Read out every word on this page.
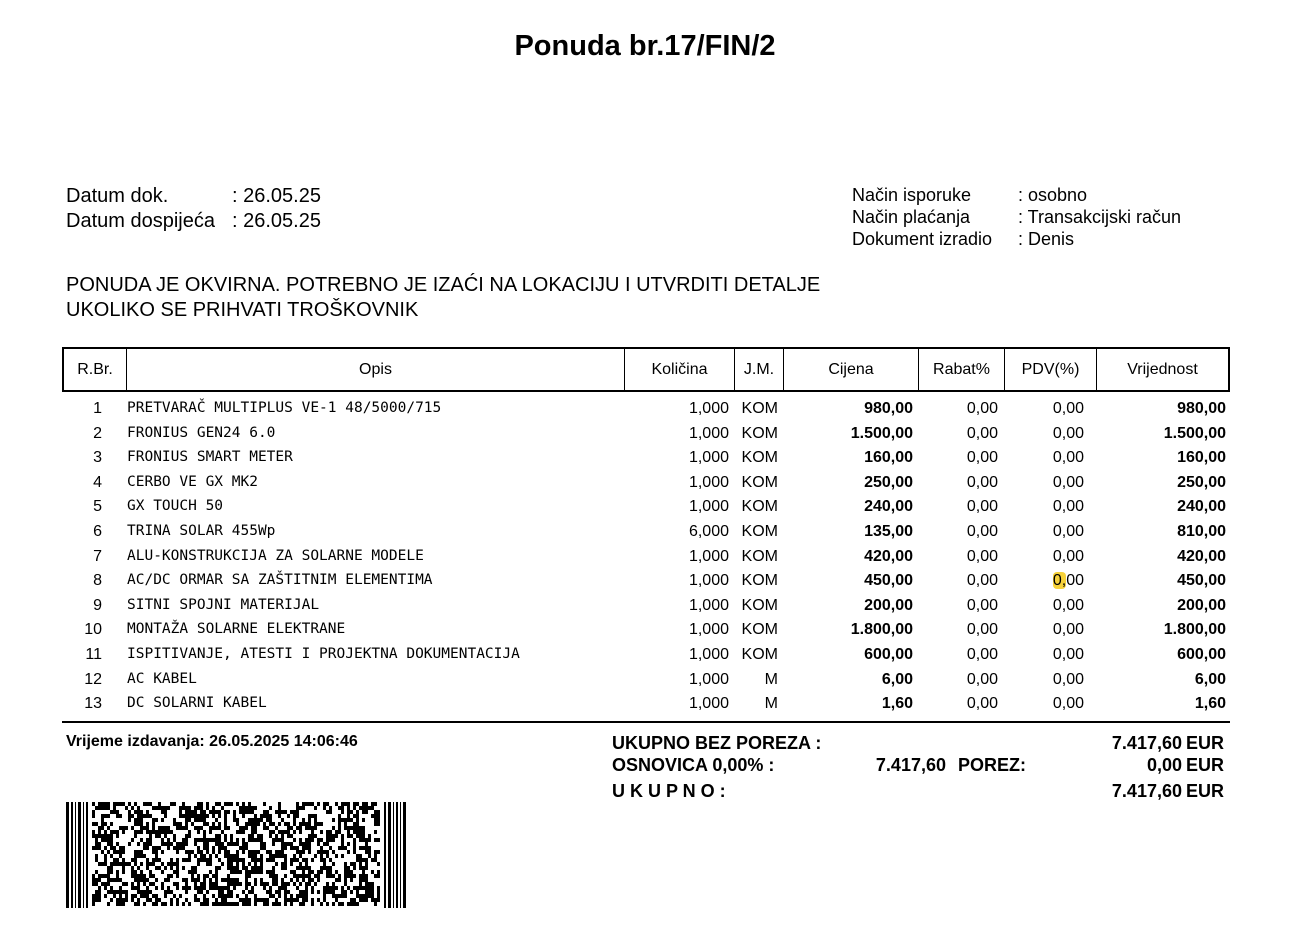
Ponuda br.17/FIN/2
Datum dok.	: 26.05.25
Datum dospijeća : 26.05.25
Način isporuke	: osobno
Način plaćanja	: Transakcijski račun
Dokument izradio	: Denis
PONUDA JE OKVIRNA. POTREBNO JE IZAĆI NA LOKACIJU I UTVRDITI DETALJE
UKOLIKO SE PRIHVATI TROŠKOVNIK
R.Br.	Opis	Količina	J.M.	Cijena	Rabat%	PDV(%)	Vrijednost
1 PRETVARAČ MULTIPLUS VE-1 48/5000/715	1,000 KOM	980,00	0,00	0,00	980,00
2 FRONIUS GEN24 6.0	1,000 KOM	1.500,00	0,00	0,00	1.500,00
3 FRONIUS SMART METER	1,000 KOM	160,00	0,00	0,00	160,00
4 CERBO VE GX MK2	1,000 KOM	250,00	0,00	0,00	250,00
5 GX TOUCH 50	1,000 KOM	240,00	0,00	0,00	240,00
6 TRINA SOLAR 455Wp	6,000 KOM	135,00	0,00	0,00	810,00
7 ALU-KONSTRUKCIJA ZA SOLARNE MODELE	1,000 KOM	420,00	0,00	0,00	420,00
8 AC/DC ORMAR SA ZAŠTITNIM ELEMENTIMA	1,000 KOM	450,00	0,00	0,00	450,00
9 SITNI SPOJNI MATERIJAL	1,000 KOM	200,00	0,00	0,00	200,00
10 MONTAŽA SOLARNE ELEKTRANE	1,000 KOM	1.800,00	0,00	0,00	1.800,00
11 ISPITIVANJE, ATESTI I PROJEKTNA DOKUMENTACIJA	1,000 KOM	600,00	0,00	0,00	600,00
12 AC KABEL	1,000 M	6,00	0,00	0,00	6,00
13 DC SOLARNI KABEL	1,000 M	1,60	0,00	0,00	1,60
Vrijeme izdavanja: 26.05.2025 14:06:46	UKUPNO BEZ POREZA :	7.417,60 EUR
OSNOVICA 0,00% :	7.417,60 POREZ:	0,00 EUR
U K U P N O :	7.417,60 EUR
